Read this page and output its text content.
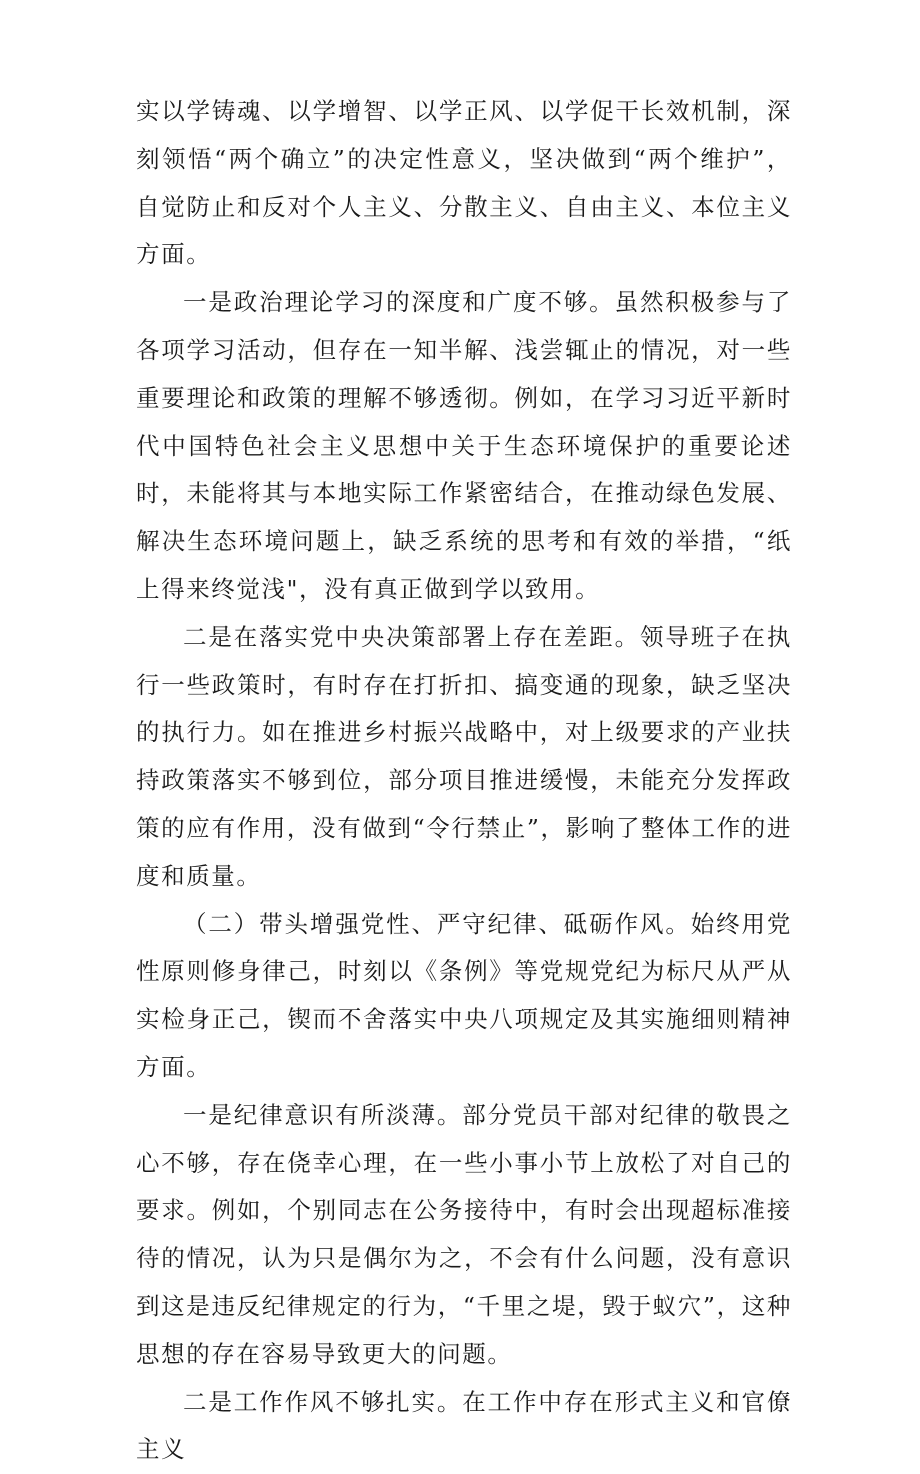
实以学铸魂、以学增智、以学正风、以学促干长效机制，深刻领悟“两个确立”的决定性意义，坚决做到“两个维护”，自觉防止和反对个人主义、分散主义、自由主义、本位主义方面。

一是政治理论学习的深度和广度不够。虽然积极参与了各项学习活动，但存在一知半解、浅尝辄止的情况，对一些重要理论和政策的理解不够透彻。例如，在学习习近平新时代中国特色社会主义思想中关于生态环境保护的重要论述时，未能将其与本地实际工作紧密结合，在推动绿色发展、解决生态环境问题上，缺乏系统的思考和有效的举措，“纸上得来终觉浅"，没有真正做到学以致用。

二是在落实党中央决策部署上存在差距。领导班子在执行一些政策时，有时存在打折扣、搞变通的现象，缺乏坚决的执行力。如在推进乡村振兴战略中，对上级要求的产业扶持政策落实不够到位，部分项目推进缓慢，未能充分发挥政策的应有作用，没有做到“令行禁止”，影响了整体工作的进度和质量。

（二）带头增强党性、严守纪律、砥砺作风。始终用党性原则修身律己，时刻以《条例》等党规党纪为标尺从严从实检身正己，锲而不舍落实中央八项规定及其实施细则精神方面。

一是纪律意识有所淡薄。部分党员干部对纪律的敬畏之心不够，存在侥幸心理，在一些小事小节上放松了对自己的要求。例如，个别同志在公务接待中，有时会出现超标准接待的情况，认为只是偶尔为之，不会有什么问题，没有意识到这是违反纪律规定的行为，“千里之堤，毁于蚁穴”，这种思想的存在容易导致更大的问题。

二是工作作风不够扎实。在工作中存在形式主义和官僚主义
